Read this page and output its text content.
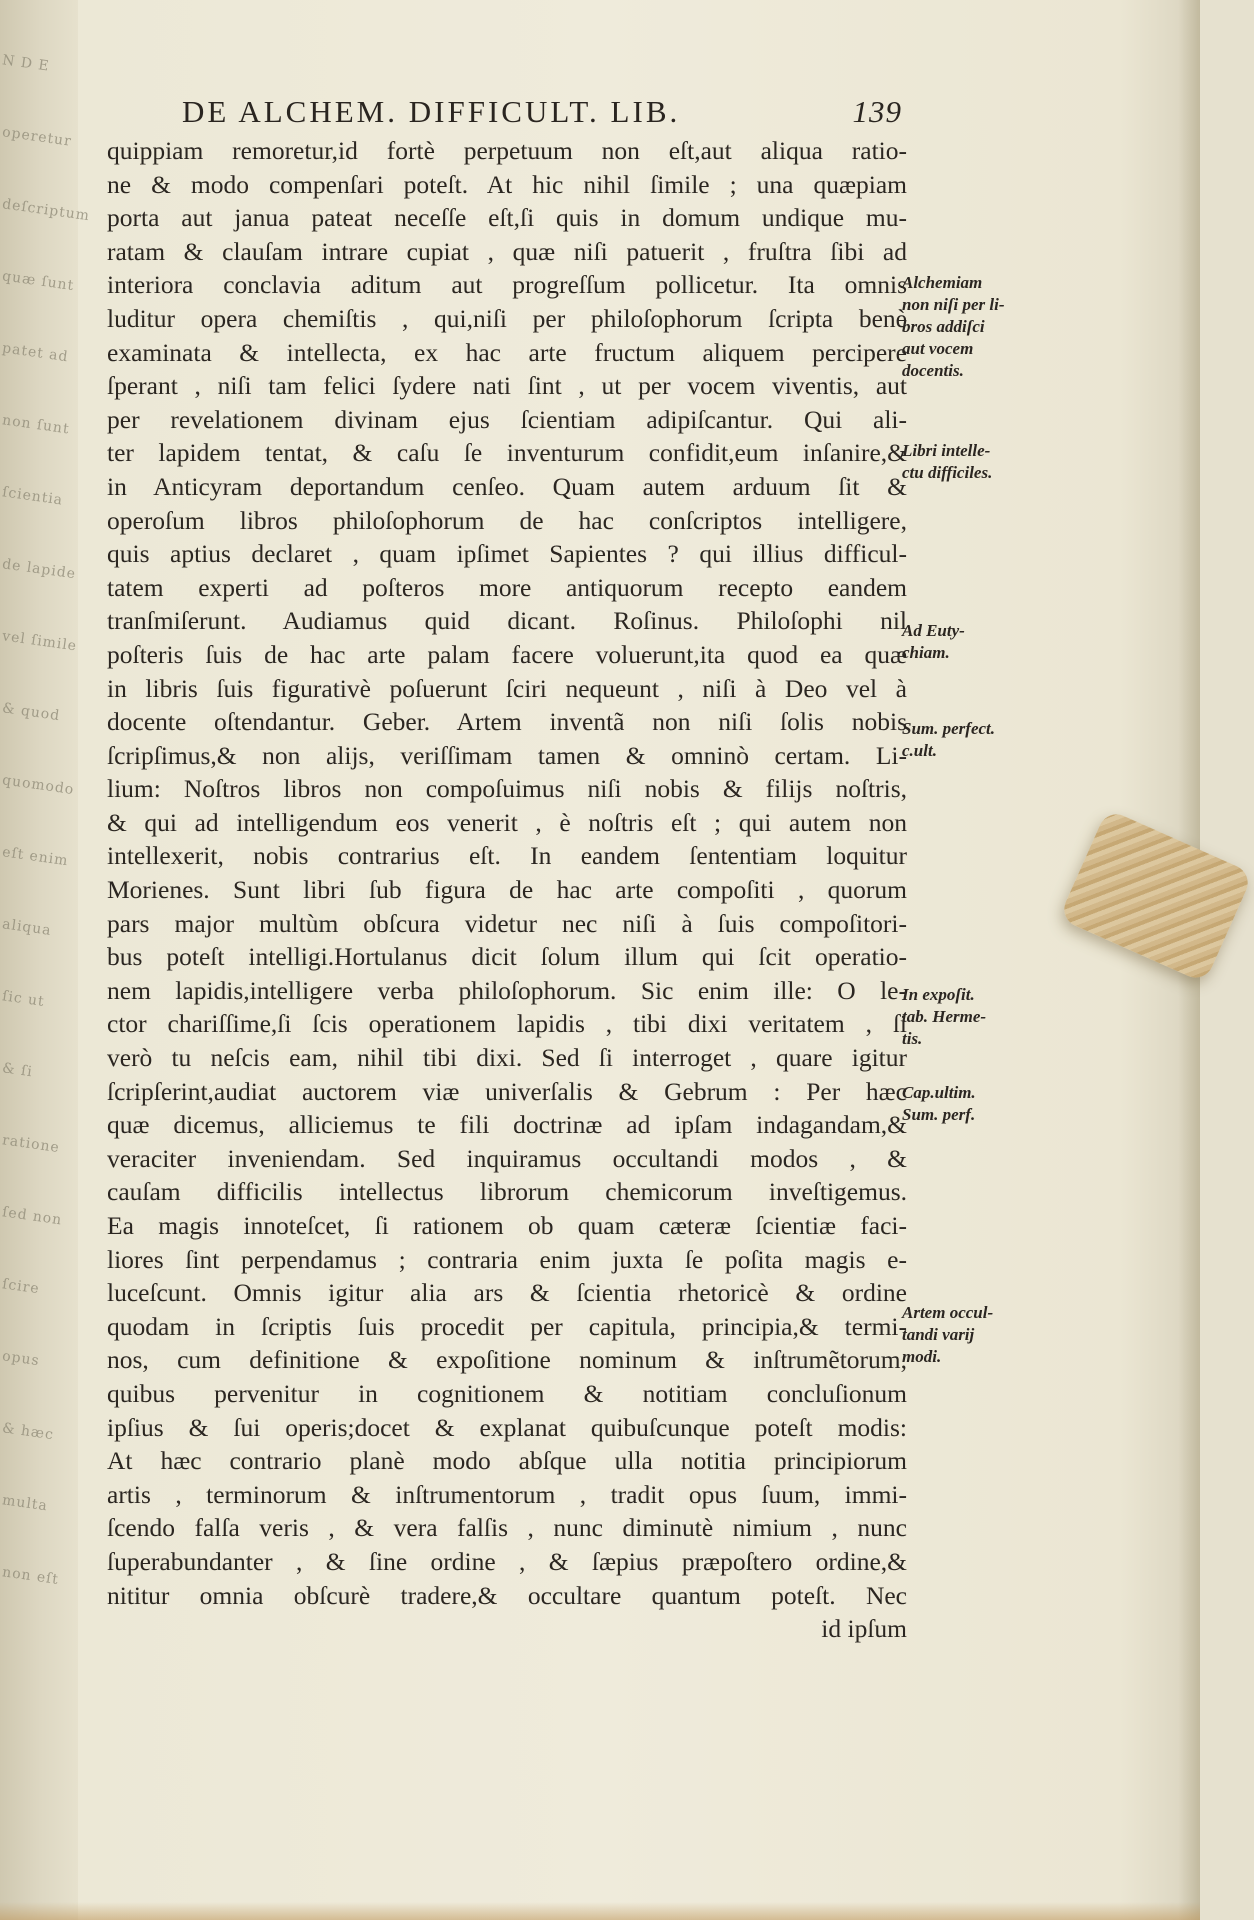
N D E
operetur
deſcriptum
quæ ſunt
patet ad
non ſunt
ſcientia
de lapide
vel ſimile
& quod
quomodo
eſt enim
aliqua
ſic ut
& ſi
ratione
ſed non
ſcire
opus
& hæc
multa
non eſt
DE ALCHEM. DIFFICULT. LIB.	139
quippiam remoretur,id fortè perpetuum non eſt,aut aliqua ratio-
ne & modo compenſari poteſt. At hic nihil ſimile ; una quæpiam
porta aut janua pateat neceſſe eſt,ſi quis in domum undique mu-
ratam & clauſam intrare cupiat , quæ niſi patuerit , fruſtra ſibi ad
interiora conclavia aditum aut progreſſum pollicetur. Ita omnis
luditur opera chemiſtis , qui,niſi per philoſophorum ſcripta benè
examinata & intellecta, ex hac arte fructum aliquem percipere
ſperant , niſi tam felici ſydere nati ſint , ut per vocem viventis, aut
per revelationem divinam ejus ſcientiam adipiſcantur. Qui ali-
ter lapidem tentat, & caſu ſe inventurum confidit,eum inſanire,&
in Anticyram deportandum cenſeo. Quam autem arduum ſit &
operoſum libros philoſophorum de hac conſcriptos intelligere,
quis aptius declaret , quam ipſimet Sapientes ? qui illius difficul-
tatem experti ad poſteros more antiquorum recepto eandem
tranſmiſerunt. Audiamus quid dicant. Roſinus. Philoſophi nil
poſteris ſuis de hac arte palam facere voluerunt,ita quod ea quæ
in libris ſuis figurativè poſuerunt ſciri nequeunt , niſi à Deo vel à
docente oſtendantur. Geber. Artem inventã non niſi ſolis nobis
ſcripſimus,& non alijs, veriſſimam tamen & omninò certam. Li-
lium: Noſtros libros non compoſuimus niſi nobis & filijs noſtris,
& qui ad intelligendum eos venerit , è noſtris eſt ; qui autem non
intellexerit, nobis contrarius eſt. In eandem ſententiam loquitur
Morienes. Sunt libri ſub figura de hac arte compoſiti , quorum
pars major multùm obſcura videtur nec niſi à ſuis compoſitori-
bus poteſt intelligi.Hortulanus dicit ſolum illum qui ſcit operatio-
nem lapidis,intelligere verba philoſophorum. Sic enim ille: O le-
ctor chariſſime,ſi ſcis operationem lapidis , tibi dixi veritatem , ſi
verò tu neſcis eam, nihil tibi dixi. Sed ſi interroget , quare igitur
ſcripſerint,audiat auctorem viæ univerſalis & Gebrum : Per hæc
quæ dicemus, alliciemus te fili doctrinæ ad ipſam indagandam,&
veraciter inveniendam. Sed inquiramus occultandi modos , &
cauſam difficilis intellectus librorum chemicorum inveſtigemus.
Ea magis innoteſcet, ſi rationem ob quam cæteræ ſcientiæ faci-
liores ſint perpendamus ; contraria enim juxta ſe poſita magis e-
luceſcunt. Omnis igitur alia ars & ſcientia rhetoricè & ordine
quodam in ſcriptis ſuis procedit per capitula, principia,& termi-
nos, cum definitione & expoſitione nominum & inſtrumẽtorum,
quibus pervenitur in cognitionem & notitiam concluſionum
ipſius & ſui operis;docet & explanat quibuſcunque poteſt modis:
At hæc contrario planè modo abſque ulla notitia principiorum
artis , terminorum & inſtrumentorum , tradit opus ſuum, immi-
ſcendo falſa veris , & vera falſis , nunc diminutè nimium , nunc
ſuperabundanter , & ſine ordine , & ſæpius præpoſtero ordine,&
nititur omnia obſcurè tradere,& occultare quantum poteſt. Nec
id ipſum
Alchemiam
non niſi per li-
bros addiſci
aut vocem
docentis.
Libri intelle-
ctu difficiles.
Ad Euty-
chiam.
Sum. perfect.
c.ult.
In expoſit.
tab. Herme-
tis.
Cap.ultim.
Sum. perf.
Artem occul-
tandi varij
modi.
